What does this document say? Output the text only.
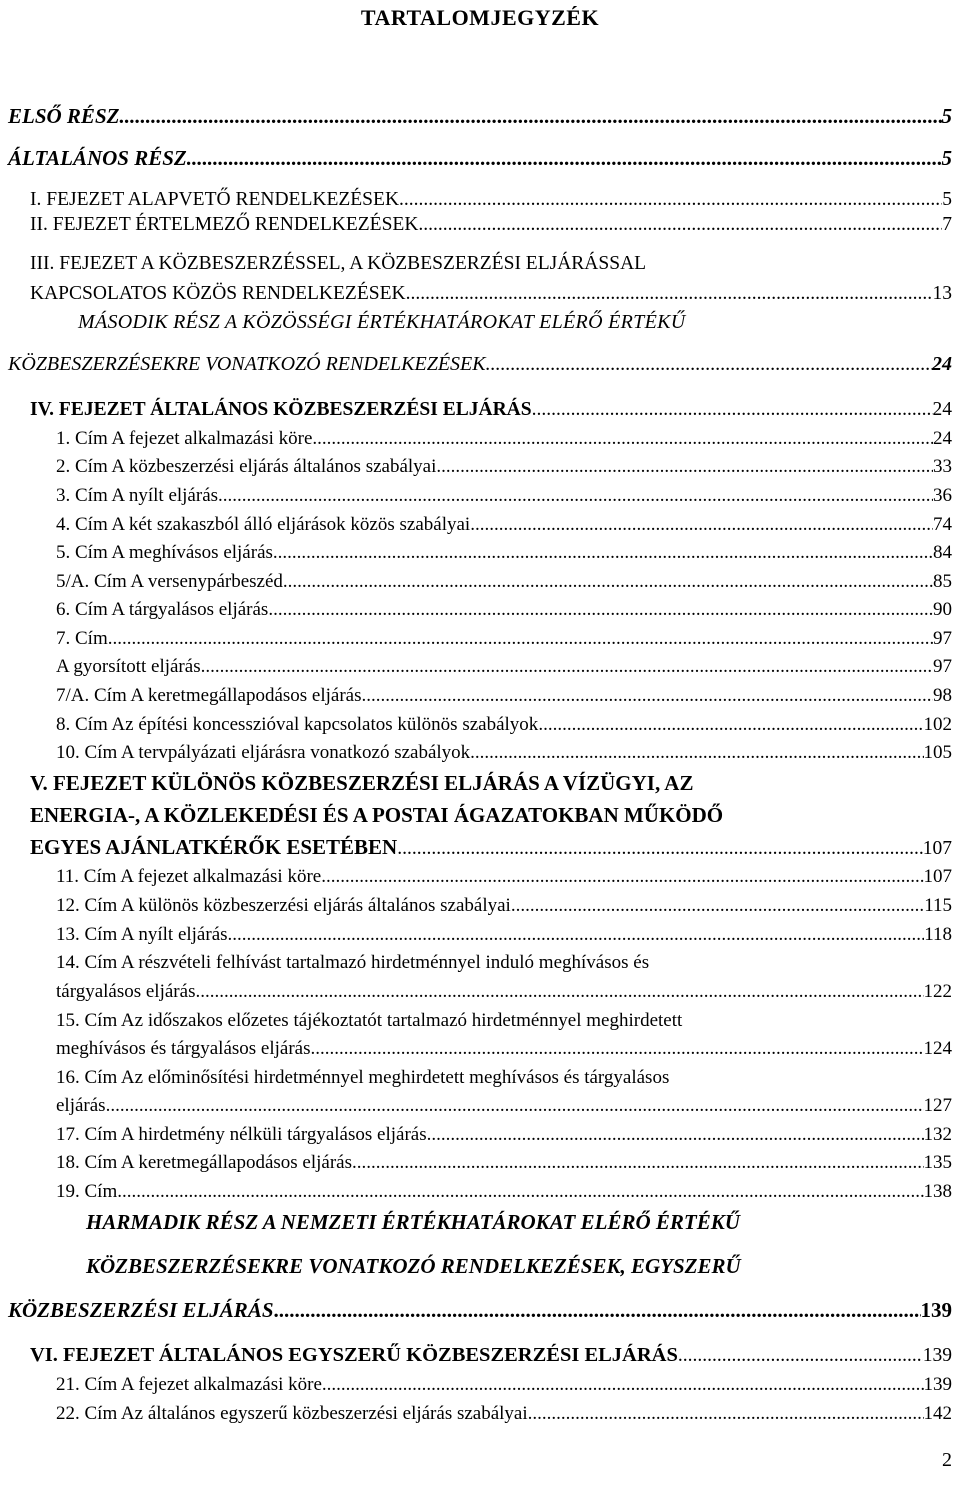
TARTALOMJEGYZÉK
ELSŐ RÉSZ .....	5
ÁLTALÁNOS RÉSZ .....	5
I. FEJEZET ALAPVETŐ RENDELKEZÉSEK .....	5
II. FEJEZET ÉRTELMEZŐ RENDELKEZÉSEK .....	7
III. FEJEZET A KÖZBESZERZÉSSEL, A KÖZBESZERZÉSI ELJÁRÁSSAL
KAPCSOLATOS KÖZÖS RENDELKEZÉSEK .....	13
MÁSODIK RÉSZ A KÖZÖSSÉGI ÉRTÉKHATÁROKAT ELÉRŐ ÉRTÉKŰ
KÖZBESZERZÉSEKRE VONATKOZÓ RENDELKEZÉSEK .....	24
IV. FEJEZET ÁLTALÁNOS KÖZBESZERZÉSI ELJÁRÁS .....	24
1. Cím A fejezet alkalmazási köre .....	24
2. Cím A közbeszerzési eljárás általános szabályai .....	33
3. Cím A nyílt eljárás .....	36
4. Cím A két szakaszból álló eljárások közös szabályai .....	74
5. Cím A meghívásos eljárás .....	84
5/A. Cím A versenypárbeszéd .....	85
6. Cím A tárgyalásos eljárás .....	90
7. Cím .....	97
A gyorsított eljárás .....	97
7/A. Cím A keretmegállapodásos eljárás .....	98
8. Cím Az építési koncesszióval kapcsolatos különös szabályok .....	102
10. Cím A tervpályázati eljárásra vonatkozó szabályok .....	105
V. FEJEZET KÜLÖNÖS KÖZBESZERZÉSI ELJÁRÁS A VÍZÜGYI, AZ
ENERGIA-, A KÖZLEKEDÉSI ÉS A POSTAI ÁGAZATOKBAN MŰKÖDŐ
EGYES AJÁNLATKÉRŐK ESETÉBEN .....	107
11. Cím A fejezet alkalmazási köre .....	107
12. Cím A különös közbeszerzési eljárás általános szabályai .....	115
13. Cím A nyílt eljárás .....	118
14. Cím A részvételi felhívást tartalmazó hirdetménnyel induló meghívásos és
tárgyalásos eljárás .....	122
15. Cím Az időszakos előzetes tájékoztatót tartalmazó hirdetménnyel meghirdetett
meghívásos és tárgyalásos eljárás .....	124
16. Cím Az előminősítési hirdetménnyel meghirdetett meghívásos és tárgyalásos
eljárás .....	127
17. Cím A hirdetmény nélküli tárgyalásos eljárás .....	132
18. Cím A keretmegállapodásos eljárás .....	135
19. Cím .....	138
HARMADIK RÉSZ A NEMZETI ÉRTÉKHATÁROKAT ELÉRŐ ÉRTÉKŰ
KÖZBESZERZÉSEKRE VONATKOZÓ RENDELKEZÉSEK, EGYSZERŰ
KÖZBESZERZÉSI ELJÁRÁS .....	139
VI. FEJEZET ÁLTALÁNOS EGYSZERŰ KÖZBESZERZÉSI ELJÁRÁS .....	139
21. Cím A fejezet alkalmazási köre .....	139
22. Cím Az általános egyszerű közbeszerzési eljárás szabályai .....	142
2
